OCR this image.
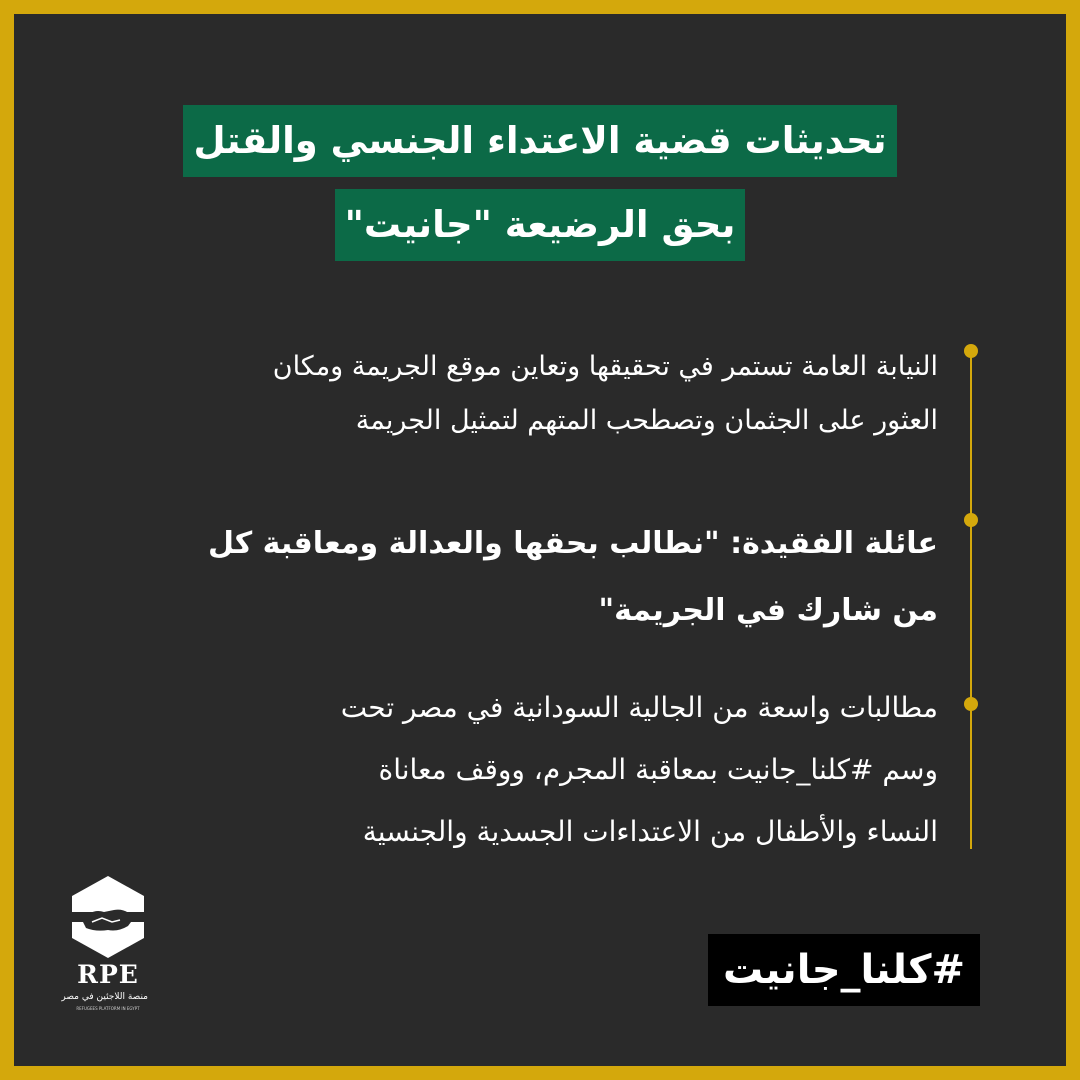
تحديثات قضية الاعتداء الجنسي والقتل
بحق الرضيعة "جانيت"
النيابة العامة تستمر في تحقيقها وتعاين موقع الجريمة ومكان
العثور على الجثمان وتصطحب المتهم لتمثيل الجريمة
عائلة الفقيدة: "نطالب بحقها والعدالة ومعاقبة كل
من شارك في الجريمة"
مطالبات واسعة من الجالية السودانية في مصر تحت
وسم #كلنا_جانيت بمعاقبة المجرم، ووقف معاناة
النساء والأطفال من الاعتداءات الجسدية والجنسية
#كلنا_جانيت
RPE
منصة اللاجئين في مصر
REFUGEES PLATFORM IN EGYPT
